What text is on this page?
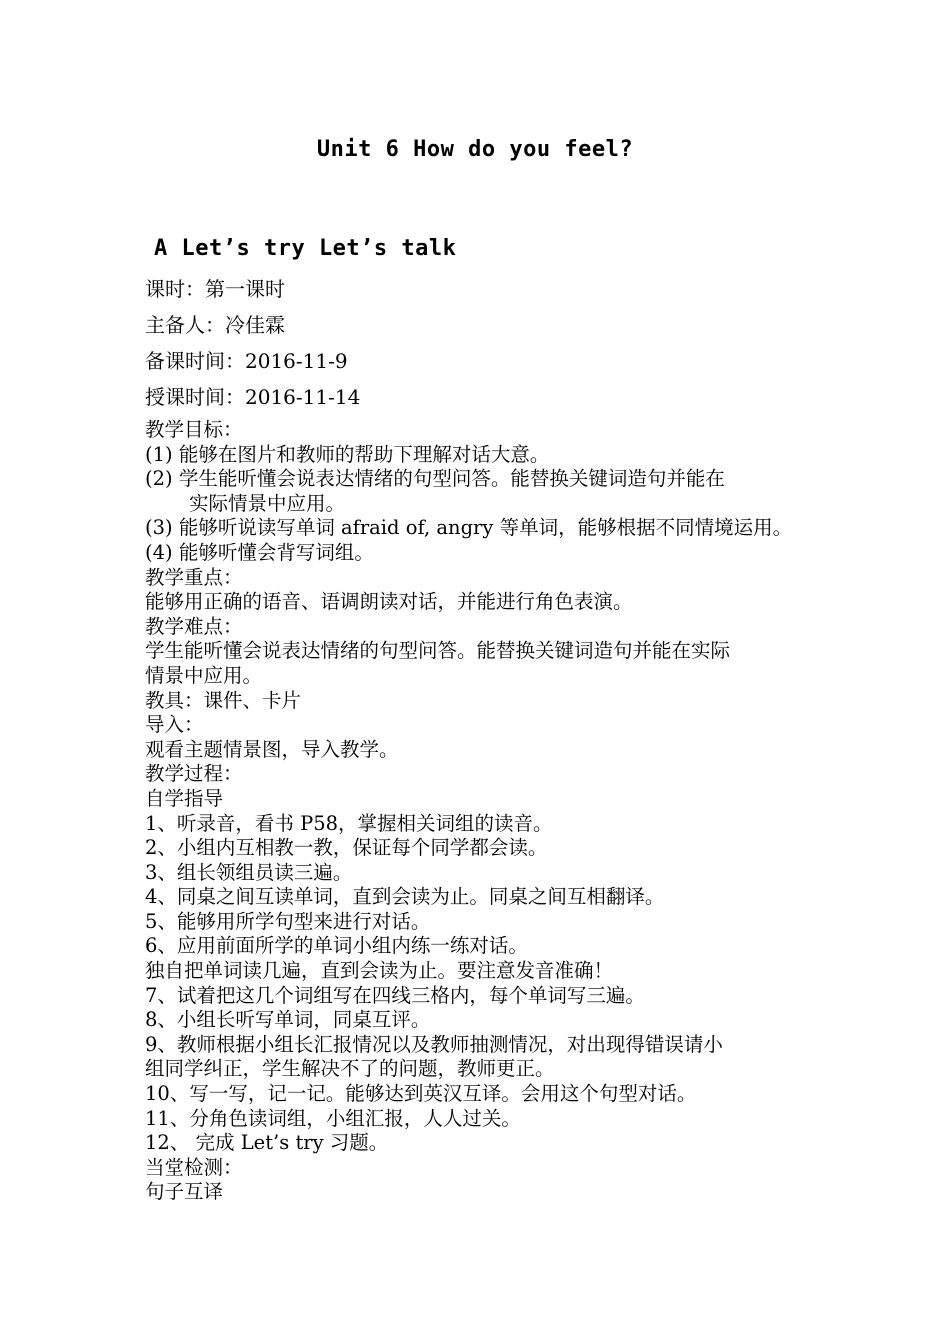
Unit 6 How do you feel?
A Let’s try Let’s talk
课时：第一课时
主备人：冷佳霖
备课时间：2016-11-9
授课时间：2016-11-14
教学目标：
(1) 能够在图片和教师的帮助下理解对话大意。
(2) 学生能听懂会说表达情绪的句型问答。能替换关键词造句并能在
实际情景中应用。
(3) 能够听说读写单词 afraid of, angry 等单词，能够根据不同情境运用。
(4) 能够听懂会背写词组。
教学重点：
能够用正确的语音、语调朗读对话，并能进行角色表演。
教学难点：
学生能听懂会说表达情绪的句型问答。能替换关键词造句并能在实际
情景中应用。
教具：课件、卡片
导入：
观看主题情景图，导入教学。
教学过程：
自学指导
1、听录音，看书 P58，掌握相关词组的读音。
2、小组内互相教一教，保证每个同学都会读。
3、组长领组员读三遍。
4、同桌之间互读单词，直到会读为止。同桌之间互相翻译。
5、能够用所学句型来进行对话。
6、应用前面所学的单词小组内练一练对话。
独自把单词读几遍，直到会读为止。要注意发音准确！
7、试着把这几个词组写在四线三格内，每个单词写三遍。
8、小组长听写单词，同桌互评。
9、教师根据小组长汇报情况以及教师抽测情况，对出现得错误请小
组同学纠正，学生解决不了的问题，教师更正。
10、写一写，记一记。能够达到英汉互译。会用这个句型对话。
11、分角色读词组，小组汇报，人人过关。
12、 完成 Let’s try 习题。
当堂检测：
句子互译
